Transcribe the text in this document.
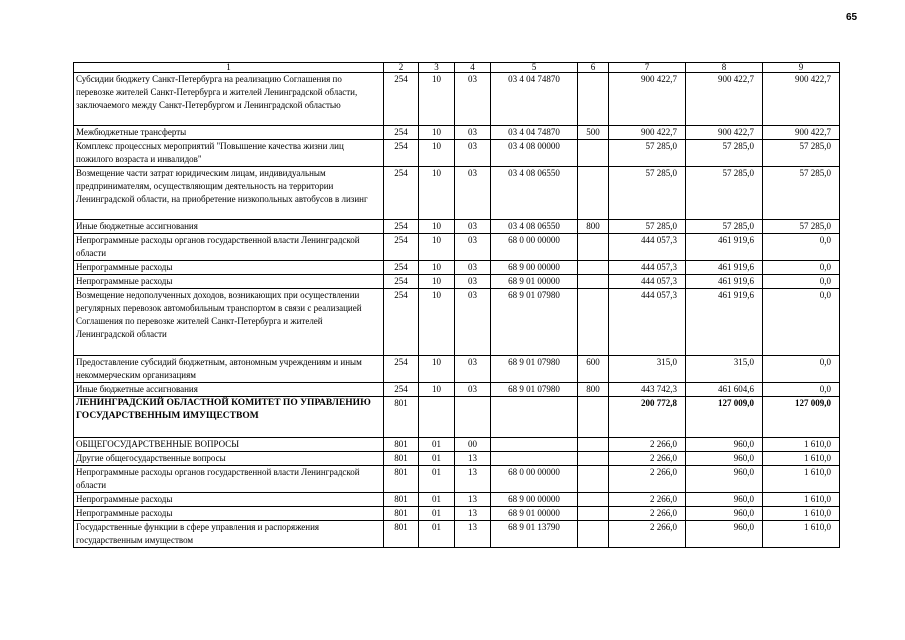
65
1	2	3	4	5	6	7	8	9
Субсидии бюджету Санкт-Петербурга на реализацию Соглашения по перевозке жителей Санкт-Петербурга и жителей Ленинградской области, заключаемого между Санкт-Петербургом и Ленинградской областью	254	10	03	03 4 04 74870		900 422,7	900 422,7	900 422,7
Межбюджетные трансферты	254	10	03	03 4 04 74870	500	900 422,7	900 422,7	900 422,7
Комплекс процессных мероприятий "Повышение качества жизни лиц пожилого возраста и инвалидов"	254	10	03	03 4 08 00000		57 285,0	57 285,0	57 285,0
Возмещение части затрат юридическим лицам, индивидуальным предпринимателям, осуществляющим деятельность на территории Ленинградской области, на приобретение низкопольных автобусов в лизинг	254	10	03	03 4 08 06550		57 285,0	57 285,0	57 285,0
Иные бюджетные ассигнования	254	10	03	03 4 08 06550	800	57 285,0	57 285,0	57 285,0
Непрограммные расходы органов государственной власти Ленинградской области	254	10	03	68 0 00 00000		444 057,3	461 919,6	0,0
Непрограммные расходы	254	10	03	68 9 00 00000		444 057,3	461 919,6	0,0
Непрограммные расходы	254	10	03	68 9 01 00000		444 057,3	461 919,6	0,0
Возмещение недополученных доходов, возникающих при осуществлении регулярных перевозок автомобильным транспортом в связи с реализацией Соглашения по перевозке жителей Санкт-Петербурга и жителей Ленинградской области	254	10	03	68 9 01 07980		444 057,3	461 919,6	0,0
Предоставление субсидий бюджетным, автономным учреждениям и иным некоммерческим организациям	254	10	03	68 9 01 07980	600	315,0	315,0	0,0
Иные бюджетные ассигнования	254	10	03	68 9 01 07980	800	443 742,3	461 604,6	0,0
ЛЕНИНГРАДСКИЙ ОБЛАСТНОЙ КОМИТЕТ ПО УПРАВЛЕНИЮ ГОСУДАРСТВЕННЫМ ИМУЩЕСТВОМ	801					200 772,8	127 009,0	127 009,0
ОБЩЕГОСУДАРСТВЕННЫЕ ВОПРОСЫ	801	01	00			2 266,0	960,0	1 610,0
Другие общегосударственные вопросы	801	01	13			2 266,0	960,0	1 610,0
Непрограммные расходы органов государственной власти Ленинградской области	801	01	13	68 0 00 00000		2 266,0	960,0	1 610,0
Непрограммные расходы	801	01	13	68 9 00 00000		2 266,0	960,0	1 610,0
Непрограммные расходы	801	01	13	68 9 01 00000		2 266,0	960,0	1 610,0
Государственные функции в сфере управления и распоряжения государственным имуществом	801	01	13	68 9 01 13790		2 266,0	960,0	1 610,0
